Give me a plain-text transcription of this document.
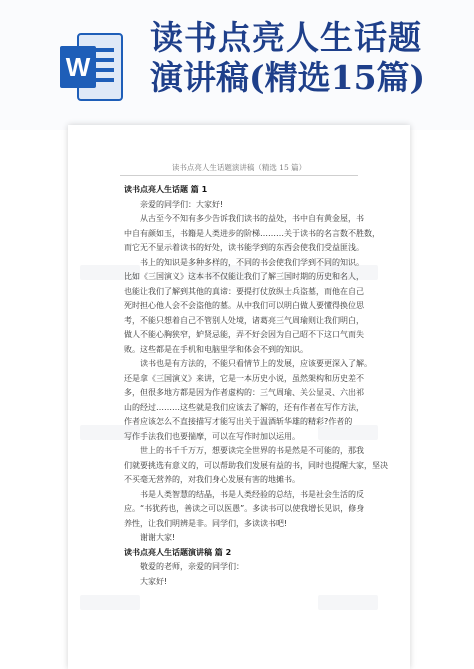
W
读书点亮人生话题
演讲稿(精选15篇)
读书点亮人生话题演讲稿（精选 15 篇）
读书点亮人生话题 篇 1
亲爱的同学们：大家好!
从古至今不知有多少告诉我们读书的益处，书中自有黄金屋，书
中自有颜如玉，书籍是人类进步的阶梯………关于读书的名言数不胜数，
而它无不显示着读书的好处，读书能学到的东西会使我们受益匪浅。
书上的知识是多种多样的，不同的书会使我们学到不同的知识。
比如《三国演义》这本书不仅能让我们了解三国时期的历史和名人，
也能让我们了解到其他的真谛：要提打仗放纵士兵盗墓，而他在自己
死时担心他人会不会盗他的墓。从中我们可以明白做人要懂得换位思
考，不能只想着自己不管别人处境，诸葛亮三气周瑜则让我们明白，
做人不能心胸狭窄，妒贤忌能，弄不好会因为自己昭不下这口气而失
败。这些都是在手机和电脑里学和体会不到的知识。
读书也是有方法的，不能只看情节上的发展，应该要更深入了解。
还是拿《三国演义》来讲，它是一本历史小说，虽然架构和历史差不
多，但很多地方都是因为作者虚构的：三气周瑜、关公显灵、六出祁
山的经过………这些就是我们应该去了解的，还有作者在写作方法，
作者应该怎么不直接描写才能写出关于温酒斩华雄的精彩?作者的
写作手法我们也要揣摩，可以在写作时加以运用。
世上的书千千万万，想要读完全世界的书是然是不可能的，那我
们就要挑选有意义的，可以帮助我们发展有益的书，同时也提醒大家，坚决
不买毫无营养的，对我们身心发展有害的地摊书。
书是人类智慧的结晶，书是人类经验的总结，书是社会生活的反
应。“书犹药也，善读之可以医愚”。多读书可以使我增长见识，修身
养性，让我们明辨是非。同学们，多读读书吧!
谢谢大家!
读书点亮人生话题演讲稿 篇 2
敬爱的老师，亲爱的同学们：
大家好!
